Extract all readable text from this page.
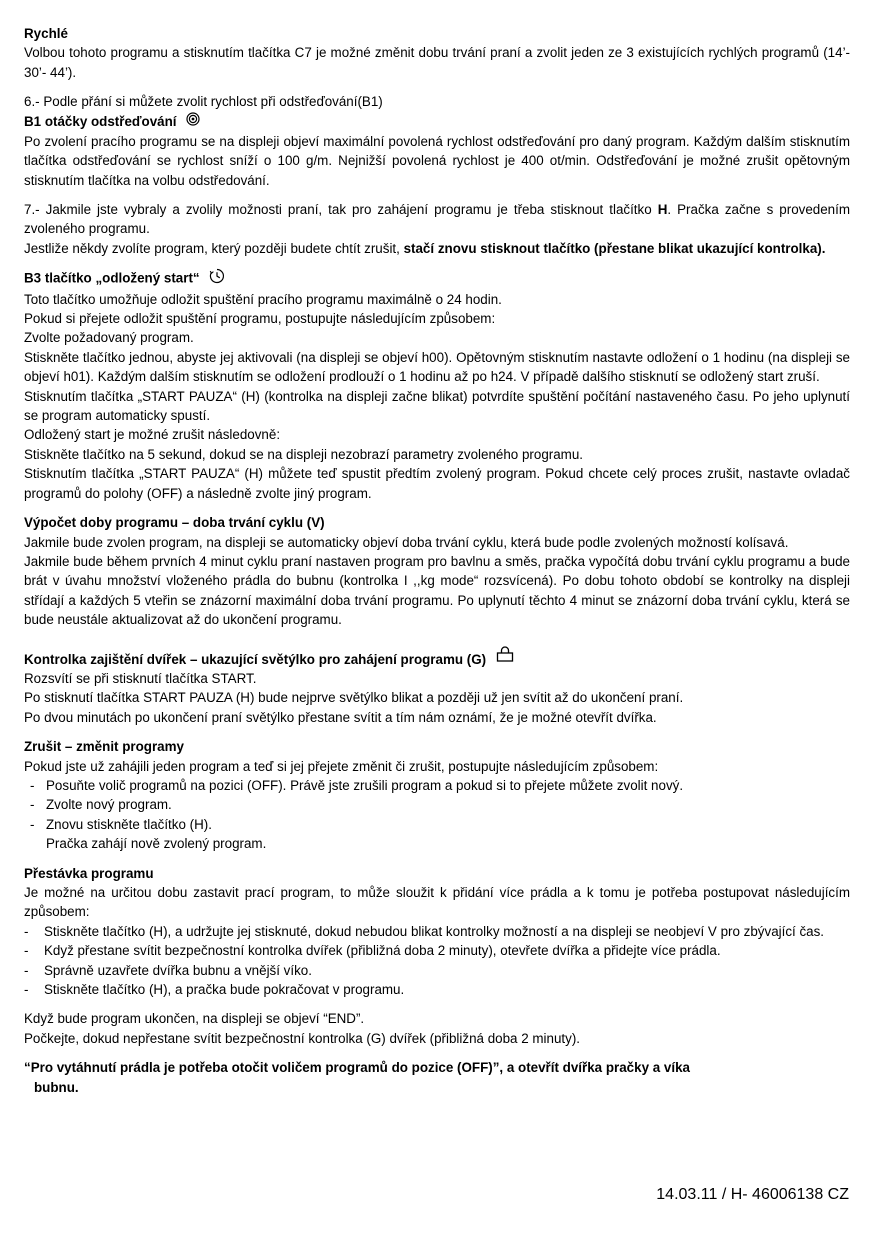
Rychlé
Volbou tohoto programu a stisknutím tlačítka C7 je možné změnit dobu trvání praní a zvolit jeden ze 3 existujících rychlých programů (14’- 30’- 44’).
6.- Podle přání si můžete zvolit rychlost při odstřeďování(B1)
B1 otáčky odstřeďování
Po zvolení pracího programu se na displeji objeví maximální povolená rychlost odstřeďování pro daný program. Každým dalším stisknutím tlačítka odstřeďování se rychlost sníží o 100 g/m. Nejnižší povolená rychlost je 400 ot/min. Odstřeďování je možné zrušit opětovným stisknutím tlačítka na volbu odstředování.
7.- Jakmile jste vybraly a zvolily možnosti praní, tak pro zahájení programu je třeba stisknout tlačítko H. Pračka začne s provedením zvoleného programu.
Jestliže někdy zvolíte program, který později budete chtít zrušit, stačí znovu stisknout tlačítko (přestane blikat ukazující kontrolka).
B3 tlačítko „odložený start“
Toto tlačítko umožňuje odložit spuštění pracího programu maximálně o 24 hodin.
Pokud si přejete odložit spuštění programu, postupujte následujícím způsobem:
Zvolte požadovaný program.
Stiskněte tlačítko jednou, abyste jej aktivovali (na displeji se objeví h00). Opětovným stisknutím nastavte odložení o 1 hodinu (na displeji se objeví h01). Každým dalším stisknutím se odložení prodlouží o 1 hodinu až po h24. V případě dalšího stisknutí se odložený start zruší.
Stisknutím tlačítka „START PAUZA“ (H) (kontrolka na displeji začne blikat) potvrdíte spuštění počítání nastaveného času. Po jeho uplynutí se program automaticky spustí.
Odložený start je možné zrušit následovně:
Stiskněte tlačítko na 5 sekund, dokud se na displeji nezobrazí parametry zvoleného programu.
Stisknutím tlačítka „START PAUZA“ (H) můžete teď spustit předtím zvolený program. Pokud chcete celý proces zrušit, nastavte ovladač programů do polohy (OFF) a následně zvolte jiný program.
Výpočet doby programu – doba trvání cyklu (V)
Jakmile bude zvolen program, na displeji se automaticky objeví doba trvání cyklu, která bude podle zvolených možností kolísavá.
Jakmile bude během prvních 4 minut cyklu praní nastaven program pro bavlnu a směs, pračka vypočítá dobu trvání cyklu programu a bude brát v úvahu množství vloženého prádla do bubnu (kontrolka I ,,kg mode“ rozsvícená). Po dobu tohoto období se kontrolky na displeji střídají a každých 5 vteřin se znázorní maximální doba trvání programu. Po uplynutí těchto 4 minut se znázorní doba trvání cyklu, která se bude neustále aktualizovat až do ukončení programu.
Kontrolka zajištění dvířek – ukazující světýlko pro zahájení programu (G)
Rozsvítí se při stisknutí tlačítka START.
Po stisknutí tlačítka START PAUZA (H) bude nejprve světýlko blikat a později už jen svítit až do ukončení praní.
Po dvou minutách po ukončení praní světýlko přestane svítit a tím nám oznámí, že je možné otevřít dvířka.
Zrušit – změnit programy
Pokud jste už zahájili jeden program a teď si jej přejete změnit či zrušit, postupujte následujícím způsobem:
- Posuňte volič programů na pozici (OFF). Právě jste zrušili program a pokud si to přejete můžete zvolit nový.
- Zvolte nový program.
- Znovu stiskněte tlačítko (H).
Pračka zahájí nově zvolený program.
Přestávka programu
Je možné na určitou dobu zastavit prací program, to může sloužit k přidání více prádla a k tomu je potřeba postupovat následujícím způsobem:
- Stiskněte tlačítko (H), a udržujte jej stisknuté, dokud nebudou blikat kontrolky možností a na displeji se neobjeví V pro zbývající čas.
- Když přestane svítit bezpečnostní kontrolka dvířek (přibližná doba 2 minuty), otevřete dvířka a přidejte více prádla.
- Správně uzavřete dvířka bubnu a vnější víko.
- Stiskněte tlačítko (H), a pračka bude pokračovat v programu.
Když bude program ukončen, na displeji se objeví “END”.
Počkejte, dokud nepřestane svítit bezpečnostní kontrolka (G) dvířek (přibližná doba 2 minuty).
“Pro vytáhnutí prádla je potřeba otočit voličem programů do pozice (OFF)”, a otevřít dvířka pračky a víka
bubnu.
14.03.11 / H- 46006138 CZ
